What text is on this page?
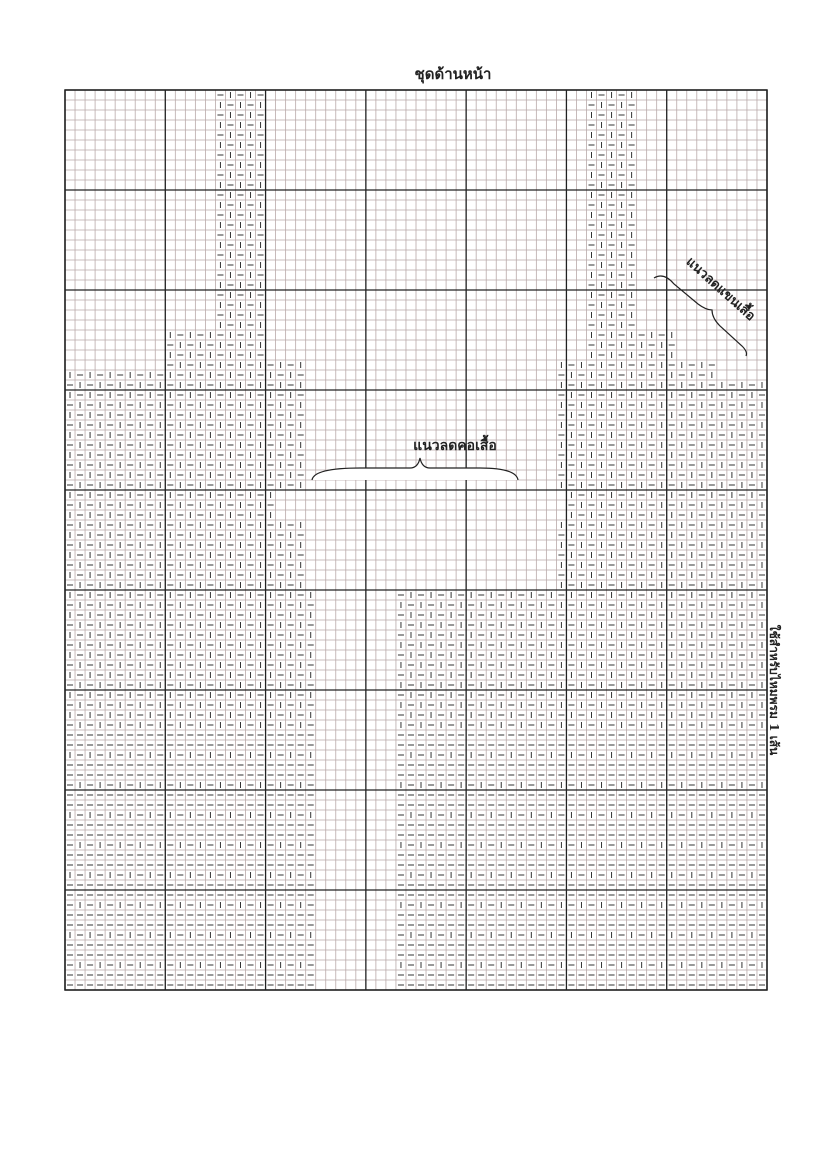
ชุดด้านหน้า
แนวลดคอเสื้อ
แนวลดแขนเสื้อ
ใช้สำหรับไหมพรม 1 เส้น
